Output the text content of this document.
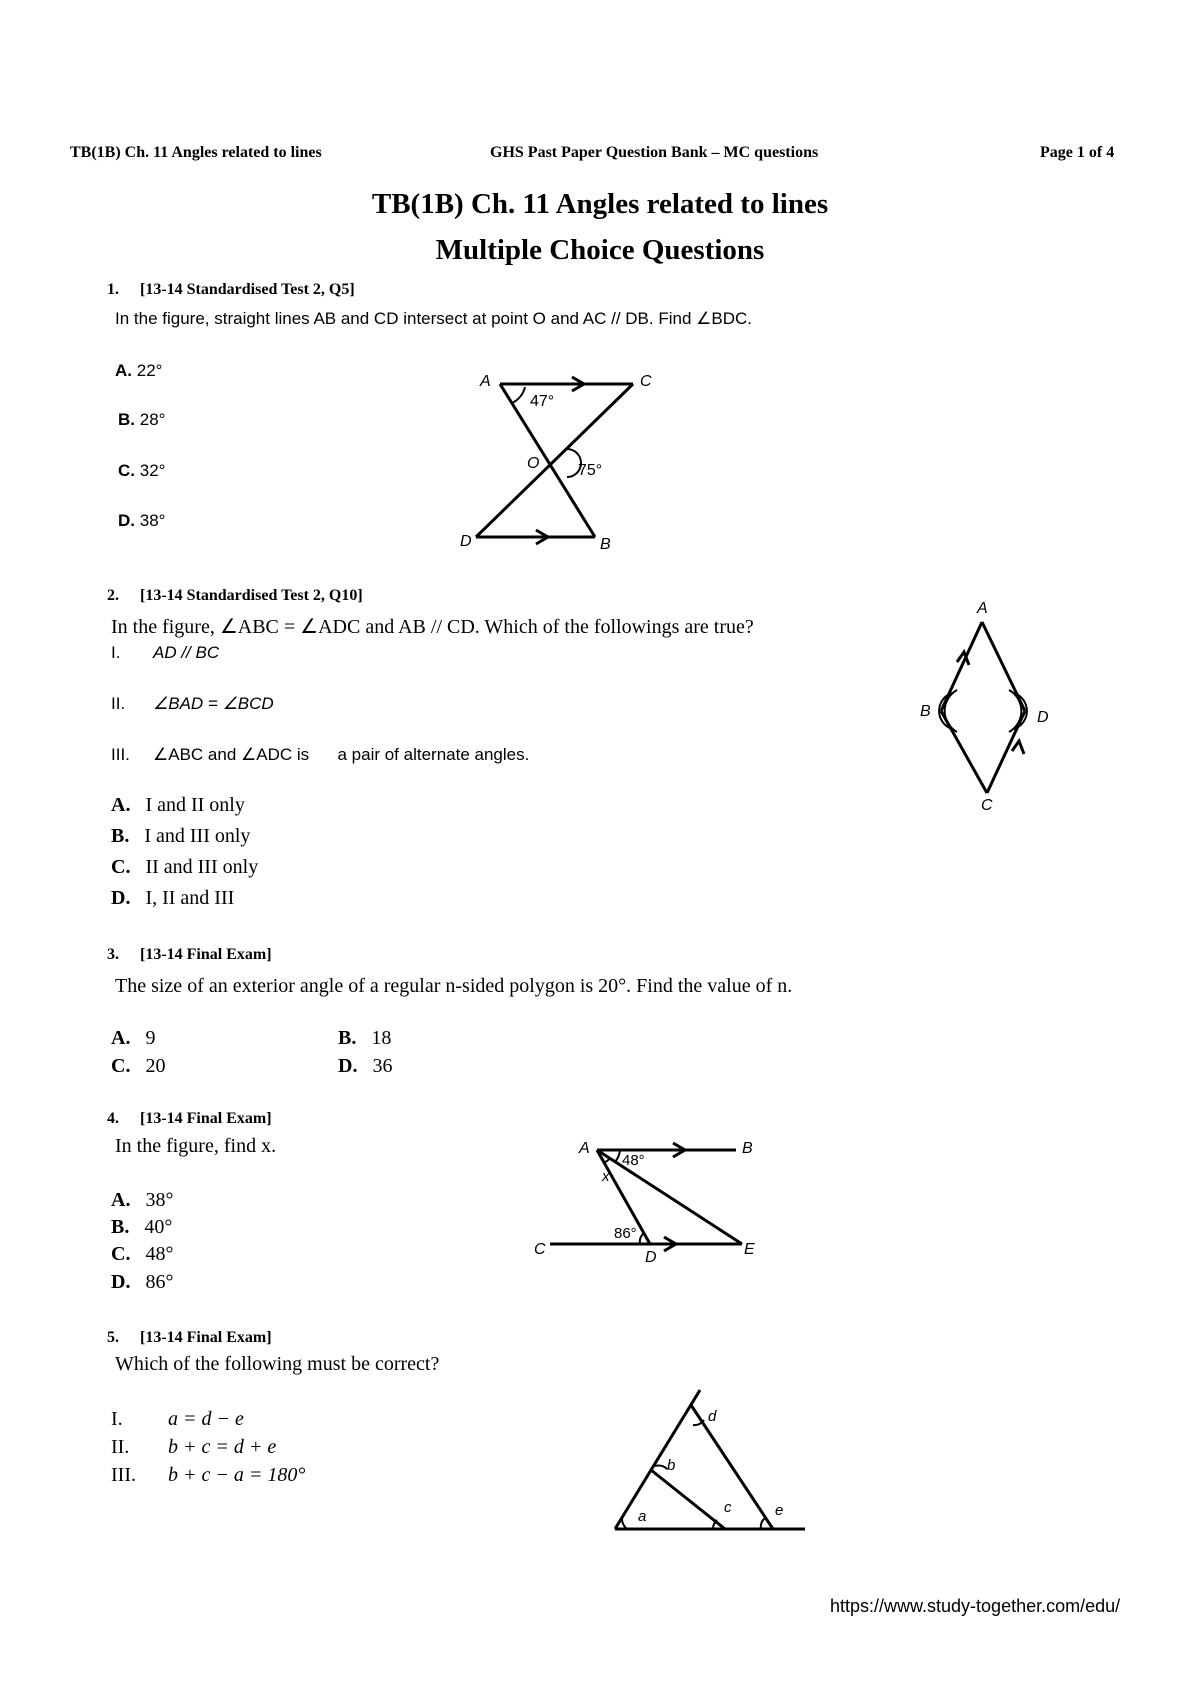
TB(1B) Ch. 11 Angles related to lines	GHS Past Paper Question Bank – MC questions	Page 1 of 4
TB(1B) Ch. 11 Angles related to lines
Multiple Choice Questions
1. [13-14 Standardised Test 2, Q5]
In the figure, straight lines AB and CD intersect at point O and AC // DB. Find ∠BDC.
A. 22°
B. 28°
C. 32°
D. 38°
A	C
47°
O 75°
D	B
2. [13-14 Standardised Test 2, Q10]
In the figure, ∠ABC = ∠ADC and AB // CD. Which of the followings are true?
I. AD // BC
II. ∠BAD = ∠BCD
III. ∠ABC and ∠ADC is      a pair of alternate angles.
A. I and II only
B. I and III only
C. II and III only
D. I, II and III
A
B	D
C
3. [13-14 Final Exam]
The size of an exterior angle of a regular n-sided polygon is 20°. Find the value of n.
A. 9	B. 18
C. 20	D. 36
4. [13-14 Final Exam]
In the figure, find x.
A. 38°
B. 40°
C. 48°
D. 86°
A	B
48°
x
86°
C	D	E
5. [13-14 Final Exam]
Which of the following must be correct?
I. a = d − e
II. b + c = d + e
III. b + c − a = 180°
a
b
c
d
e
https://www.study-together.com/edu/
